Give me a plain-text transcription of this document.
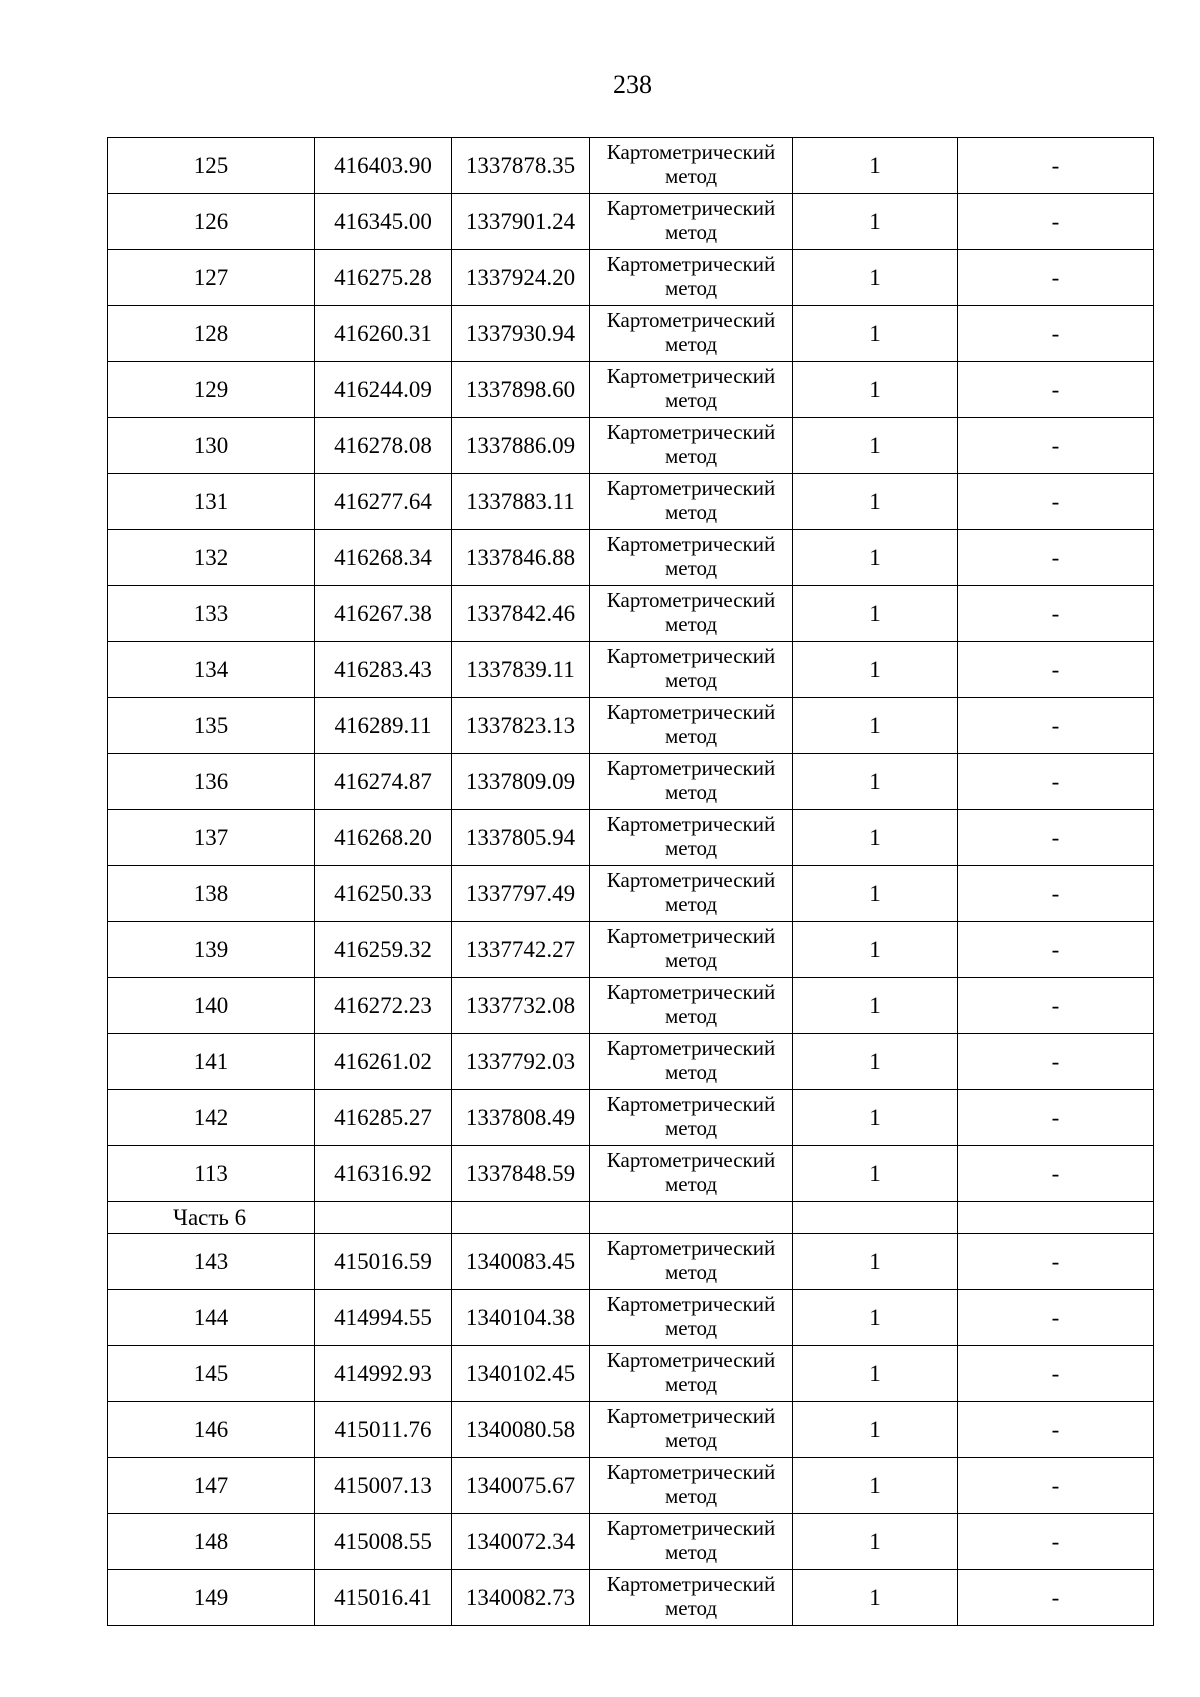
238
125	416403.90	1337878.35	Картометрический
метод	1	-
126	416345.00	1337901.24	Картометрический
метод	1	-
127	416275.28	1337924.20	Картометрический
метод	1	-
128	416260.31	1337930.94	Картометрический
метод	1	-
129	416244.09	1337898.60	Картометрический
метод	1	-
130	416278.08	1337886.09	Картометрический
метод	1	-
131	416277.64	1337883.11	Картометрический
метод	1	-
132	416268.34	1337846.88	Картометрический
метод	1	-
133	416267.38	1337842.46	Картометрический
метод	1	-
134	416283.43	1337839.11	Картометрический
метод	1	-
135	416289.11	1337823.13	Картометрический
метод	1	-
136	416274.87	1337809.09	Картометрический
метод	1	-
137	416268.20	1337805.94	Картометрический
метод	1	-
138	416250.33	1337797.49	Картометрический
метод	1	-
139	416259.32	1337742.27	Картометрический
метод	1	-
140	416272.23	1337732.08	Картометрический
метод	1	-
141	416261.02	1337792.03	Картометрический
метод	1	-
142	416285.27	1337808.49	Картометрический
метод	1	-
113	416316.92	1337848.59	Картометрический
метод	1	-
Часть 6					
143	415016.59	1340083.45	Картометрический
метод	1	-
144	414994.55	1340104.38	Картометрический
метод	1	-
145	414992.93	1340102.45	Картометрический
метод	1	-
146	415011.76	1340080.58	Картометрический
метод	1	-
147	415007.13	1340075.67	Картометрический
метод	1	-
148	415008.55	1340072.34	Картометрический
метод	1	-
149	415016.41	1340082.73	Картометрический
метод	1	-
